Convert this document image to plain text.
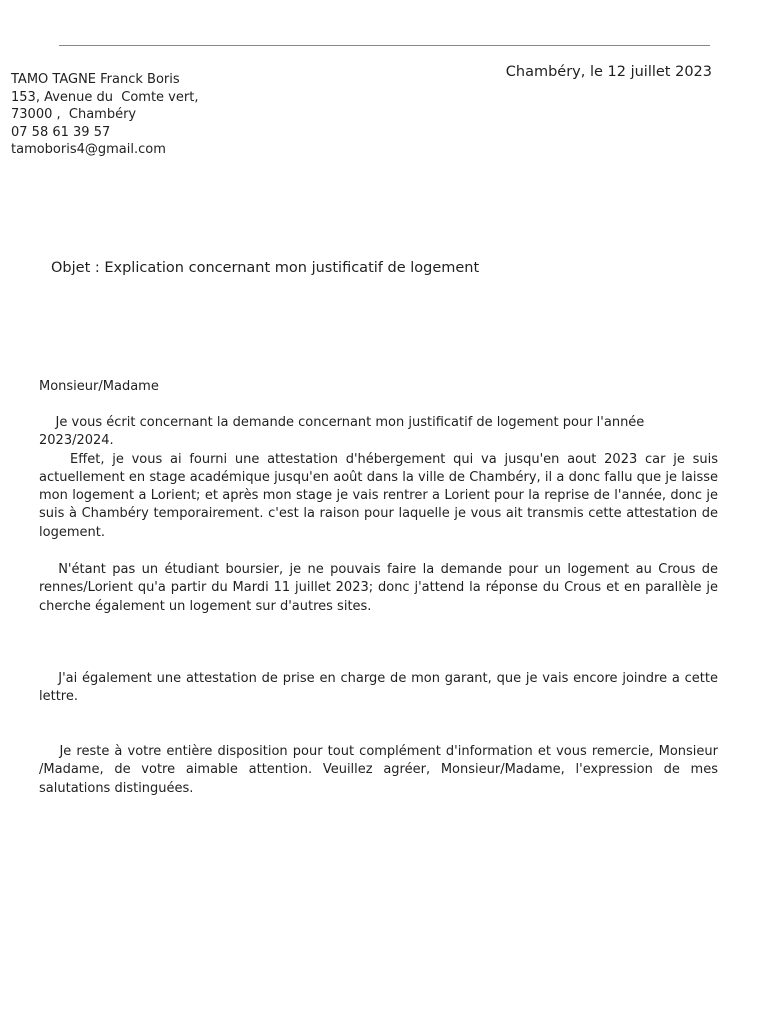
TAMO TAGNE Franck Boris
153, Avenue du  Comte vert,
73000 ,  Chambéry
07 58 61 39 57
tamoboris4@gmail.com
Chambéry, le 12 juillet 2023
Objet : Explication concernant mon justificatif de logement
Monsieur/Madame
Je vous écrit concernant la demande concernant mon justificatif de logement pour l'année 2023/2024.
Effet, je vous ai fourni une attestation d'hébergement qui va jusqu'en aout 2023 car je suis actuellement en stage académique jusqu'en août dans la ville de Chambéry, il a donc fallu que je laisse mon logement a Lorient; et après mon stage je vais rentrer a Lorient pour la reprise de l'année, donc je suis à Chambéry temporairement. c'est la raison pour laquelle je vous ait transmis cette attestation de logement.
N'étant pas un étudiant boursier, je ne pouvais faire la demande pour un logement au Crous de rennes/Lorient qu'a partir du Mardi 11 juillet 2023; donc j'attend la réponse du Crous et en parallèle je cherche également un logement sur d'autres sites.
J'ai également une attestation de prise en charge de mon garant, que je vais encore joindre a cette lettre.
Je reste à votre entière disposition pour tout complément d'information et vous remercie, Monsieur /Madame, de votre aimable attention. Veuillez agréer, Monsieur/Madame, l'expression de mes salutations distinguées.
